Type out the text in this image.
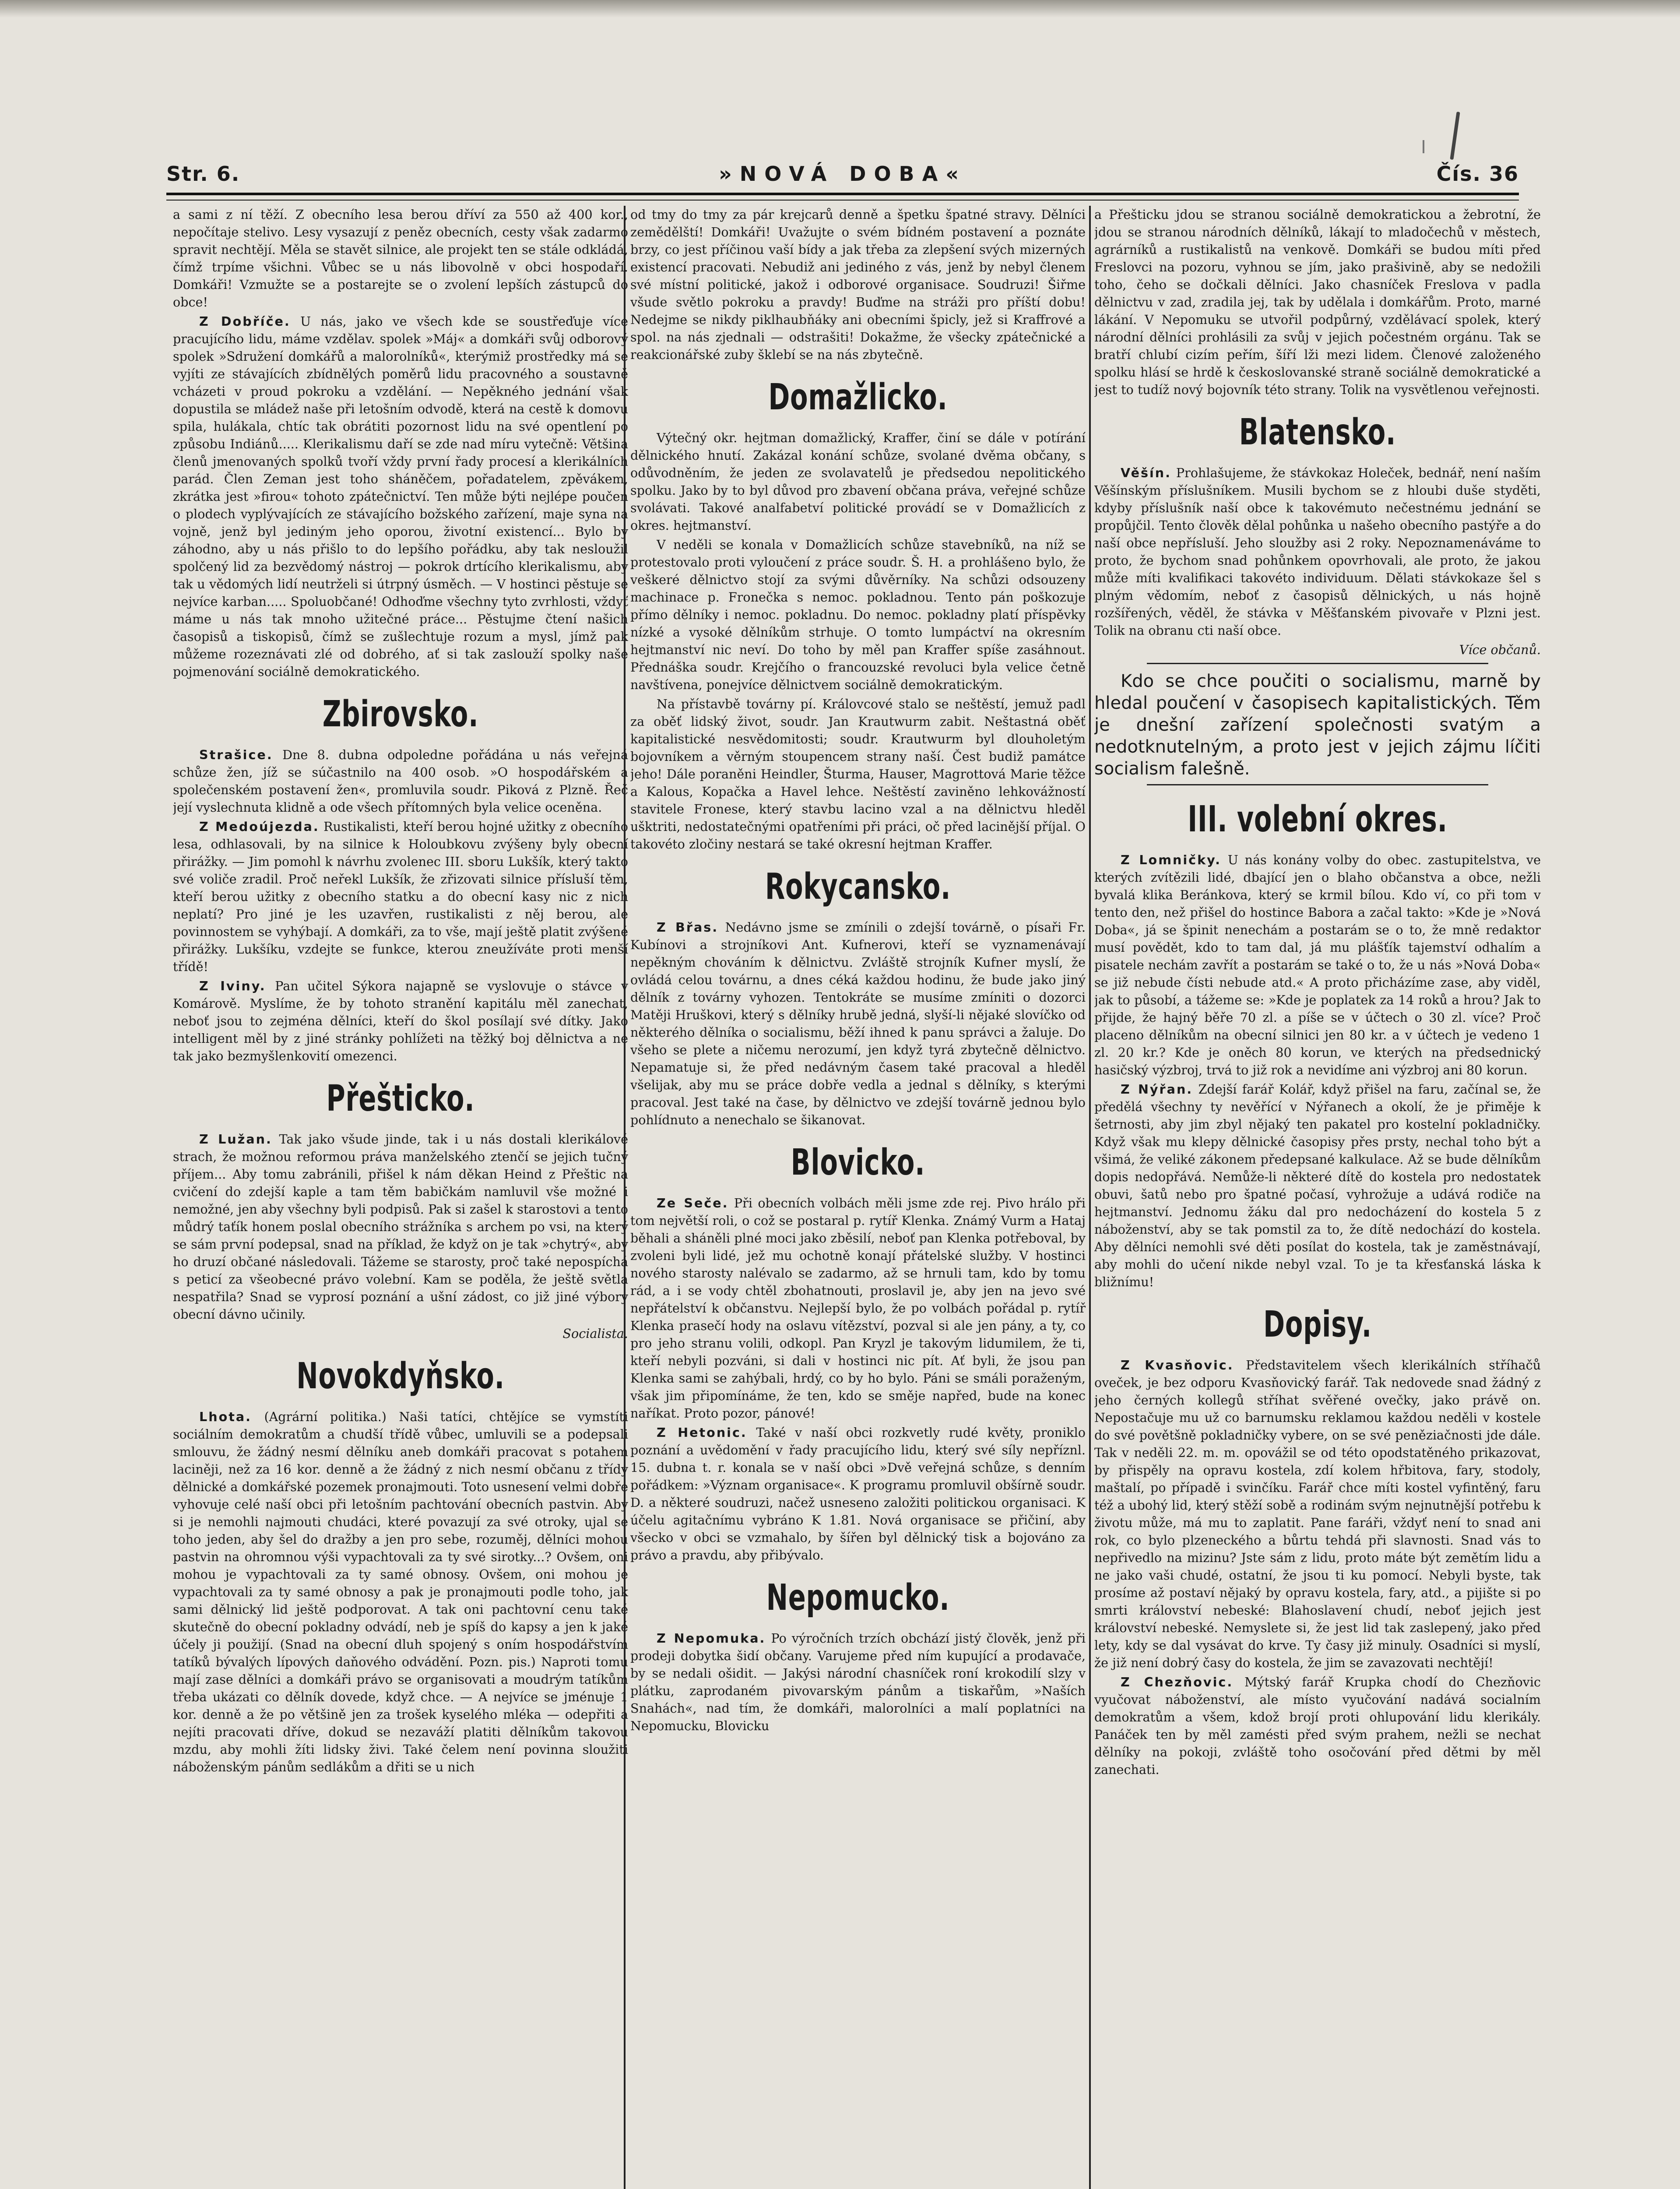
Str. 6.	»NOVÁ DOBA«	Čís. 36

a sami z ní těží. Z obecního lesa berou dříví za 550 až 400 kor., nepočítaje stelivo. Lesy vysazují z peněz obecních, cesty však zadarmo spravit nechtějí. Měla se stavět silnice, ale projekt ten se stále odkládá, čímž trpíme všichni. Vůbec se u nás libovolně v obci hospodaří. Domkáři! Vzmužte se a postarejte se o zvolení lepších zástupců do obce!

Z Dobříče. U nás, jako ve všech kde se soustřeďuje více pracujícího lidu, máme vzdělav. spolek »Máj« a domkáři svůj odborový spolek »Sdružení domkářů a malorolníků«, kterýmiž prostředky má se vyjíti ze stávajících zbídnělých poměrů lidu pracovného a soustavně vcházeti v proud pokroku a vzdělání. — Nepěkného jednání však dopustila se mládež naše při letošním odvodě, která na cestě k domovu spila, hulákala, chtíc tak obrátiti pozornost lidu na své opentlení po způsobu Indiánů..... Klerikalismu daří se zde nad míru vytečně: Většina členů jmenovaných spolků tvoří vždy první řady procesí a klerikálních parád. Člen Zeman jest toho sháněčem, pořadatelem, zpěvákem, zkrátka jest »firou« tohoto zpátečnictví. Ten může býti nejlépe poučen o plodech vyplývajících ze stávajícího božského zařízení, maje syna na vojně, jenž byl jediným jeho oporou, životní existencí... Bylo by záhodno, aby u nás přišlo to do lepšího pořádku, aby tak nesloužil spolčený lid za bezvědomý nástroj — pokrok drtícího klerikalismu, aby tak u vědomých lidí neutrželi si útrpný úsměch. — V hostinci pěstuje se nejvíce karban..... Spoluobčané! Odhoďme všechny tyto zvrhlosti, vždyť máme u nás tak mnoho užitečné práce... Pěstujme čtení našich časopisů a tiskopisů, čímž se zušlechtuje rozum a mysl, jímž pak můžeme rozeznávati zlé od dobrého, ať si tak zaslouží spolky naše pojmenování sociálně demokratického.

Zbirovsko.

Strašice. Dne 8. dubna odpoledne pořádána u nás veřejná schůze žen, jíž se súčastnilo na 400 osob. »O hospodářském a společenském postavení žen«, promluvila soudr. Piková z Plzně. Řeč její vyslechnuta klidně a ode všech přítomných byla velice oceněna.

Z Medoújezda. Rustikalisti, kteří berou hojné užitky z obecního lesa, odhlasovali, by na silnice k Holoubkovu zvýšeny byly obecní přirážky. — Jim pomohl k návrhu zvolenec III. sboru Lukšík, který takto své voliče zradil. Proč neřekl Lukšík, že zřizovati silnice přísluší těm, kteří berou užitky z obecního statku a do obecní kasy nic z nich neplatí? Pro jiné je les uzavřen, rustikalisti z něj berou, ale povinnostem se vyhýbají. A domkáři, za to vše, mají ještě platit zvýšené přirážky. Lukšíku, vzdejte se funkce, kterou zneužíváte proti menší třídě!

Z Iviny. Pan učitel Sýkora najapně se vyslovuje o stávce v Komárově. Myslíme, že by tohoto stranění kapitálu měl zanechat, neboť jsou to zejména dělníci, kteří do škol posílají své dítky. Jako intelligent měl by z jiné stránky pohlížeti na těžký boj dělnictva a ne tak jako bezmyšlenkovití omezenci.

Přešticko.

Z Lužan. Tak jako všude jinde, tak i u nás dostali klerikálové strach, že možnou reformou práva manželského ztenčí se jejich tučný příjem... Aby tomu zabránili, přišel k nám děkan Heind z Přeštic na cvičení do zdejší kaple a tam těm babičkám namluvil vše možné i nemožné, jen aby všechny byli podpisů. Pak si zašel k starostovi a tento můdrý taťík honem poslal obecního strážníka s archem po vsi, na který se sám první podepsal, snad na příklad, že když on je tak »chytrý«, aby ho druzí občané následovali. Tážeme se starosty, proč také nepospíchá s peticí za všeobecné právo volební. Kam se poděla, že ještě světla nespatřila? Snad se vyprosí poznání a ušní zádost, co již jiné výbory obecní dávno učinily.

Socialista.

Novokdyňsko.

Lhota. (Agrární politika.) Naši tatíci, chtějíce se vymstíti sociálním demokratům a chudší třídě vůbec, umluvili se a podepsali smlouvu, že žádný nesmí dělníku aneb domkáři pracovat s potahem laciněji, než za 16 kor. denně a že žádný z nich nesmí občanu z třídy dělnické a domkářské pozemek pronajmouti. Toto usnesení velmi dobře vyhovuje celé naší obci při letošním pachtování obecních pastvin. Aby si je nemohli najmouti chudáci, které povazují za své otroky, ujal se toho jeden, aby šel do dražby a jen pro sebe, rozuměj, dělníci mohou pastvin na ohromnou výši vypachtovali za ty své sirotky...? Ovšem, oni mohou je vypachtovali za ty samé obnosy. Ovšem, oni mohou je vypachtovali za ty samé obnosy a pak je pronajmouti podle toho, jak sami dělnický lid ještě podporovat. A tak oni pachtovní cenu také skutečně do obecní pokladny odvádí, neb je spíš do kapsy a jen k jaké účely ji použijí. (Snad na obecní dluh spojený s oním hospodářstvím tatíků bývalých lípových daňového odvádění. Pozn. pis.) Naproti tomu mají zase dělníci a domkáři právo se organisovati a moudrým tatíkům třeba ukázati co dělník dovede, když chce. — A nejvíce se jménuje 1 kor. denně a že po většině jen za trošek kyselého mléka — odepřiti a nejíti pracovati dříve, dokud se nezaváží platiti dělníkům takovou mzdu, aby mohli žíti lidsky živi. Také čelem není povinna sloužiti náboženským pánům sedlákům a dřiti se u nich

od tmy do tmy za pár krejcarů denně a špetku špatné stravy. Dělníci zemědělští! Domkáři! Uvažujte o svém bídném postavení a poznáte brzy, co jest příčinou vaší bídy a jak třeba za zlepšení svých mizerných existencí pracovati. Nebudiž ani jediného z vás, jenž by nebyl členem své místní politické, jakož i odborové organisace. Soudruzi! Šiřme všude světlo pokroku a pravdy! Buďme na stráži pro příští dobu! Nedejme se nikdy piklhaubňáky ani obecními špicly, jež si Kraffrové a spol. na nás zjednali — odstrašiti! Dokažme, že všecky zpátečnické a reakcionářské zuby šklebí se na nás zbytečně.

Domažlicko.

Výtečný okr. hejtman domažlický, Kraffer, činí se dále v potírání dělnického hnutí. Zakázal konání schůze, svolané dvěma občany, s odůvodněním, že jeden ze svolavatelů je předsedou nepolitického spolku. Jako by to byl důvod pro zbavení občana práva, veřejné schůze svolávati. Takové analfabetví politické provádí se v Domažlicích z okres. hejtmanství.

V neděli se konala v Domažlicích schůze stavebníků, na níž se protestovalo proti vyloučení z práce soudr. Š. H. a prohlášeno bylo, že veškeré dělnictvo stojí za svými důvěrníky. Na schůzi odsouzeny machinace p. Fronečka s nemoc. pokladnou. Tento pán poškozuje přímo dělníky i nemoc. pokladnu. Do nemoc. pokladny platí příspěvky nízké a vysoké dělníkům strhuje. O tomto lumpáctví na okresním hejtmanství nic neví. Do toho by měl pan Kraffer spíše zasáhnout. Přednáška soudr. Krejčího o francouzské revoluci byla velice četně navštívena, ponejvíce dělnictvem sociálně demokratickým.

Na přístavbě továrny pí. Královcové stalo se neštěstí, jemuž padl za oběť lidský život, soudr. Jan Krautwurm zabit. Neštastná oběť kapitalistické nesvědomitosti; soudr. Krautwurm byl dlouholetým bojovníkem a věrným stoupencem strany naší. Čest budiž památce jeho! Dále poraněni Heindler, Šturma, Hauser, Magrottová Marie těžce a Kalous, Kopačka a Havel lehce. Neštěstí zaviněno lehkovážností stavitele Fronese, který stavbu lacino vzal a na dělnictvu hleděl ušktriti, nedostatečnými opatřeními při práci, oč před lacinější příjal. O takovéto zločiny nestará se také okresní hejtman Kraffer.

Rokycansko.

Z Břas. Nedávno jsme se zmínili o zdejší továrně, o písaři Fr. Kubínovi a strojníkovi Ant. Kufnerovi, kteří se vyznamenávají nepěkným chováním k dělnictvu. Zvláště strojník Kufner myslí, že ovládá celou továrnu, a dnes céká každou hodinu, že bude jako jiný dělník z továrny vyhozen. Tentokráte se musíme zmíniti o dozorci Matěji Hruškovi, který s dělníky hrubě jedná, slyší-li nějaké slovíčko od některého dělníka o socialismu, běží ihned k panu správci a žaluje. Do všeho se plete a ničemu nerozumí, jen když tyrá zbytečně dělnictvo. Nepamatuje si, že před nedávným časem také pracoval a hleděl všelijak, aby mu se práce dobře vedla a jednal s dělníky, s kterými pracoval. Jest také na čase, by dělnictvo ve zdejší továrně jednou bylo pohlídnuto a nenechalo se šikanovat.

Blovicko.

Ze Seče. Při obecních volbách měli jsme zde rej. Pivo hrálo při tom největší roli, o což se postaral p. rytíř Klenka. Známý Vurm a Hataj běhali a sháněli plné moci jako zběsilí, neboť pan Klenka potřeboval, by zvoleni byli lidé, jež mu ochotně konají přátelské služby. V hostinci nového starosty nalévalo se zadarmo, až se hrnuli tam, kdo by tomu rád, a i se vody chtěl zbohatnouti, proslavil je, aby jen na jevo své nepřátelství k občanstvu. Nejlepší bylo, že po volbách pořádal p. rytíř Klenka prasečí hody na oslavu vítězství, pozval si ale jen pány, a ty, co pro jeho stranu volili, odkopl. Pan Kryzl je takovým lidumilem, že ti, kteří nebyli pozváni, si dali v hostinci nic pít. Ať byli, že jsou pan Klenka sami se zahýbali, hrdý, co by ho bylo. Páni se smáli poraženým, však jim připomínáme, že ten, kdo se směje napřed, bude na konec naříkat. Proto pozor, pánové!

Z Hetonic. Také v naší obci rozkvetly rudé květy, proniklo poznání a uvědomění v řady pracujícího lidu, který své síly nepříznl. 15. dubna t. r. konala se v naší obci »Dvě veřejná schůze, s denním pořádkem: »Význam organisace«. K programu promluvil obšírně soudr. D. a některé soudruzi, načež usneseno založiti politickou organisaci. K účelu agitačnímu vybráno K 1.81. Nová organisace se přičiní, aby všecko v obci se vzmahalo, by šířen byl dělnický tisk a bojováno za právo a pravdu, aby přibývalo.

Nepomucko.

Z Nepomuka. Po výročních trzích obchází jistý člověk, jenž při prodeji dobytka šidí občany. Varujeme před ním kupující a prodavače, by se nedali ošidit. — Jakýsi národní chasníček roní krokodilí slzy v plátku, zaprodaném pivovarským pánům a tiskařům, »Naších Snahách«, nad tím, že domkáři, malorolníci a malí poplatníci na Nepomucku, Blovicku

a Přešticku jdou se stranou sociálně demokratickou a žebrotní, že jdou se stranou národních dělníků, lákají to mladočechů v městech, agrárníků a rustikalistů na venkově. Domkáři se budou míti před Freslovci na pozoru, vyhnou se jím, jako prašivině, aby se nedožili toho, čeho se dočkali dělníci. Jako chasníček Freslova v padla dělnictvu v zad, zradila jej, tak by udělala i domkářům. Proto, marné lákání. V Nepomuku se utvořil podpůrný, vzdělávací spolek, který národní dělníci prohlásili za svůj v jejich počestném orgánu. Tak se bratří chlubí cizím peřím, šíří lži mezi lidem. Členové založeného spolku hlásí se hrdě k českoslovanské straně sociálně demokratické a jest to tudíž nový bojovník této strany. Tolik na vysvětlenou veřejnosti.

Blatensko.

Věšín. Prohlašujeme, že stávkokaz Holeček, bednář, není naším Věšínským příslušníkem. Musili bychom se z hloubi duše styděti, kdyby příslušník naší obce k takovémuto nečestnému jednání se propůjčil. Tento člověk dělal pohůnka u našeho obecního pastýře a do naší obce nepřísluší. Jeho sloužby asi 2 roky. Nepoznamenáváme to proto, že bychom snad pohůnkem opovrhovali, ale proto, že jakou může míti kvalifikaci takovéto individuum. Dělati stávkokaze šel s plným vědomím, neboť z časopisů dělnických, u nás hojně rozšířených, věděl, že stávka v Měšťanském pivovaře v Plzni jest. Tolik na obranu cti naší obce.

Více občanů.

Kdo se chce poučiti o socialismu, marně by hledal poučení v časopisech kapitalistických. Těm je dnešní zařízení společnosti svatým a nedotknutelným, a proto jest v jejich zájmu líčiti socialism falešně.

III. volební okres.

Z Lomničky. U nás konány volby do obec. zastupitelstva, ve kterých zvítězili lidé, dbající jen o blaho občanstva a obce, nežli byvalá klika Beránkova, který se krmil bílou. Kdo ví, co při tom v tento den, než přišel do hostince Babora a začal takto: »Kde je »Nová Doba«, já se špinit nenechám a postarám se o to, že mně redaktor musí povědět, kdo to tam dal, já mu plášťík tajemství odhalím a pisatele nechám zavřít a postarám se také o to, že u nás »Nová Doba« se již nebude čísti nebude atd.« A proto přicházíme zase, aby viděl, jak to působí, a tážeme se: »Kde je poplatek za 14 roků a hrou? Jak to přijde, že hajný běře 70 zl. a píše se v účtech o 30 zl. více? Proč placeno dělníkům na obecní silnici jen 80 kr. a v účtech je vedeno 1 zl. 20 kr.? Kde je oněch 80 korun, ve kterých na předsednický hasičský výzbroj, trvá to již rok a nevidíme ani výzbroj ani 80 korun.

Z Nýřan. Zdejší farář Kolář, když přišel na faru, začínal se, že předělá všechny ty nevěřící v Nýřanech a okolí, že je přiměje k šetrnosti, aby jim zbyl nějaký ten pakatel pro kostelní pokladničky. Když však mu klepy dělnické časopisy přes prsty, nechal toho být a všimá, že veliké zákonem předepsané kalkulace. Až se bude dělníkům dopis nedopřává. Nemůže-li některé dítě do kostela pro nedostatek obuvi, šatů nebo pro špatné počasí, vyhrožuje a udává rodiče na hejtmanství. Jednomu žáku dal pro nedocházení do kostela 5 z náboženství, aby se tak pomstil za to, že dítě nedochází do kostela. Aby dělníci nemohli své děti posílat do kostela, tak je zaměstnávají, aby mohli do učení nikde nebyl vzal. To je ta křesťanská láska k bližnímu!

Dopisy.

Z Kvasňovic. Představitelem všech klerikálních stříhačů oveček, je bez odporu Kvasňovický farář. Tak nedovede snad žádný z jeho černých kollegů stříhat svěřené ovečky, jako právě on. Nepostačuje mu už co barnumsku reklamou každou neděli v kostele do své povětšně pokladničky vybere, on se své peněziačnosti jde dále. Tak v neděli 22. m. m. opovážil se od této opodstatěného prikazovat, by přispěly na opravu kostela, zdí kolem hřbitova, fary, stodoly, maštalí, po případě i svinčíku. Farář chce míti kostel vyfintěný, faru též a ubohý lid, který stěží sobě a rodinám svým nejnutnější potřebu k životu může, má mu to zaplatit. Pane faráři, vždyť není to snad ani rok, co bylo plzeneckého a bůrtu tehdá při slavnosti. Snad vás to nepřivedlo na mizinu? Jste sám z lidu, proto máte být zemětím lidu a ne jako vaši chudé, ostatní, že jsou ti ku pomocí. Nebyli byste, tak prosíme až postaví nějaký by opravu kostela, fary, atd., a pijište si po smrti království nebeské: Blahoslavení chudí, neboť jejich jest království nebeské. Nemyslete si, že jest lid tak zaslepený, jako před lety, kdy se dal vysávat do krve. Ty časy již minuly. Osadníci si myslí, že již není dobrý časy do kostela, že jim se zavazovati nechtějí!

Z Chezňovic. Mýtský farář Krupka chodí do Chezňovic vyučovat náboženství, ale místo vyučování nadává socialním demokratům a všem, kdož brojí proti ohlupování lidu klerikály. Panáček ten by měl zamésti před svým prahem, nežli se nechat dělníky na pokoji, zvláště toho osočování před dětmi by měl zanechati.
